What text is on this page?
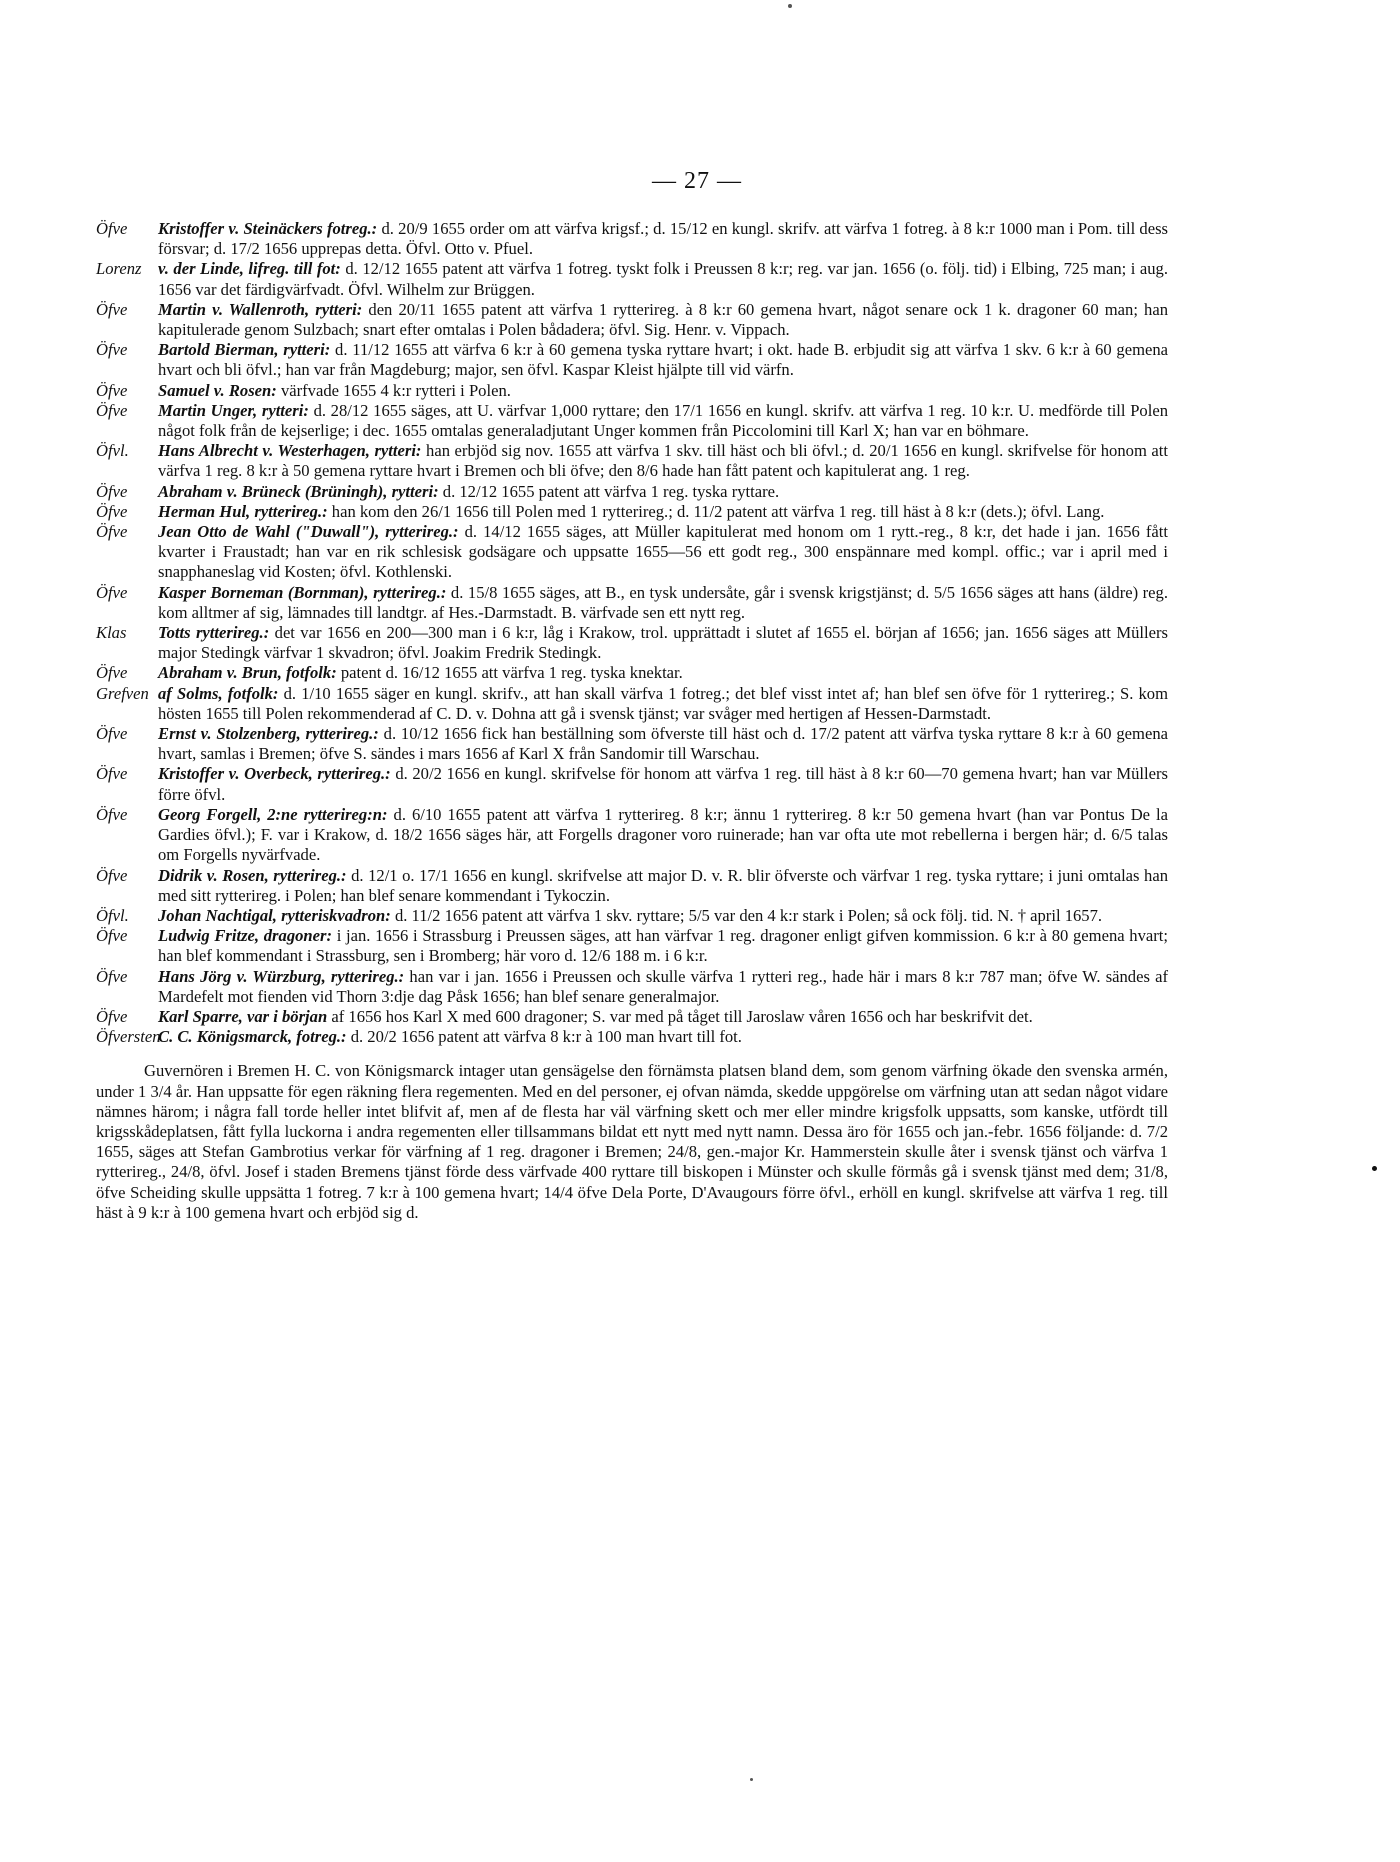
— 27 —

Öfve Kristoffer v. Steinäckers fotreg.: d. 20/9 1655 order om att värfva krigsf.; d. 15/12 en kungl. skrifv. att värfva 1 fotreg. à 8 k:r 1000 man i Pom. till dess försvar; d. 17/2 1656 upprepas detta. Öfvl. Otto v. Pfuel.

Lorenz v. der Linde, lifreg. till fot: d. 12/12 1655 patent att värfva 1 fotreg. tyskt folk i Preussen 8 k:r; reg. var jan. 1656 (o. följ. tid) i Elbing, 725 man; i aug. 1656 var det färdigvärfvadt. Öfvl. Wilhelm zur Brüggen.

Öfve Martin v. Wallenroth, rytteri: den 20/11 1655 patent att värfva 1 rytterireg. à 8 k:r 60 gemena hvart, något senare ock 1 k. dragoner 60 man; han kapitulerade genom Sulzbach; snart efter omtalas i Polen bådadera; öfvl. Sig. Henr. v. Vippach.

Öfve Bartold Bierman, rytteri: d. 11/12 1655 att värfva 6 k:r à 60 gemena tyska ryttare hvart; i okt. hade B. erbjudit sig att värfva 1 skv. 6 k:r à 60 gemena hvart och bli öfvl.; han var från Magdeburg; major, sen öfvl. Kaspar Kleist hjälpte till vid värfn.

Öfve Samuel v. Rosen: värfvade 1655 4 k:r rytteri i Polen.

Öfve Martin Unger, rytteri: d. 28/12 1655 säges, att U. värfvar 1,000 ryttare; den 17/1 1656 en kungl. skrifv. att värfva 1 reg. 10 k:r. U. medförde till Polen något folk från de kejserlige; i dec. 1655 omtalas generaladjutant Unger kommen från Piccolomini till Karl X; han var en böhmare.

Öfvl. Hans Albrecht v. Westerhagen, rytteri: han erbjöd sig nov. 1655 att värfva 1 skv. till häst och bli öfvl.; d. 20/1 1656 en kungl. skrifvelse för honom att värfva 1 reg. 8 k:r à 50 gemena ryttare hvart i Bremen och bli öfve; den 8/6 hade han fått patent och kapitulerat ang. 1 reg.

Öfve Abraham v. Brüneck (Brüningh), rytteri: d. 12/12 1655 patent att värfva 1 reg. tyska ryttare.

Öfve Herman Hul, rytterireg.: han kom den 26/1 1656 till Polen med 1 rytterireg.; d. 11/2 patent att värfva 1 reg. till häst à 8 k:r (dets.); öfvl. Lang.

Öfve Jean Otto de Wahl ("Duwall"), rytterireg.: d. 14/12 1655 säges, att Müller kapitulerat med honom om 1 rytt.-reg., 8 k:r, det hade i jan. 1656 fått kvarter i Fraustadt; han var en rik schlesisk godsägare och uppsatte 1655—56 ett godt reg., 300 enspännare med kompl. offic.; var i april med i snapphaneslag vid Kosten; öfvl. Kothlenski.

Öfve Kasper Borneman (Bornman), rytterireg.: d. 15/8 1655 säges, att B., en tysk undersåte, går i svensk krigstjänst; d. 5/5 1656 säges att hans (äldre) reg. kom alltmer af sig, lämnades till landtgr. af Hes.-Darmstadt. B. värfvade sen ett nytt reg.

Klas Totts rytterireg.: det var 1656 en 200—300 man i 6 k:r, låg i Krakow, trol. upprättadt i slutet af 1655 el. början af 1656; jan. 1656 säges att Müllers major Stedingk värfvar 1 skvadron; öfvl. Joakim Fredrik Stedingk.

Öfve Abraham v. Brun, fotfolk: patent d. 16/12 1655 att värfva 1 reg. tyska knektar.

Grefven af Solms, fotfolk: d. 1/10 1655 säger en kungl. skrifv., att han skall värfva 1 fotreg.; det blef visst intet af; han blef sen öfve för 1 rytterireg.; S. kom hösten 1655 till Polen rekommenderad af C. D. v. Dohna att gå i svensk tjänst; var svåger med hertigen af Hessen-Darmstadt.

Öfve Ernst v. Stolzenberg, rytterireg.: d. 10/12 1656 fick han beställning som öfverste till häst och d. 17/2 patent att värfva tyska ryttare 8 k:r à 60 gemena hvart, samlas i Bremen; öfve S. sändes i mars 1656 af Karl X från Sandomir till Warschau.

Öfve Kristoffer v. Overbeck, rytterireg.: d. 20/2 1656 en kungl. skrifvelse för honom att värfva 1 reg. till häst à 8 k:r 60—70 gemena hvart; han var Müllers förre öfvl.

Öfve Georg Forgell, 2:ne rytterireg:n: d. 6/10 1655 patent att värfva 1 rytterireg. 8 k:r; ännu 1 rytterireg. 8 k:r 50 gemena hvart (han var Pontus De la Gardies öfvl.); F. var i Krakow, d. 18/2 1656 säges här, att Forgells dragoner voro ruinerade; han var ofta ute mot rebellerna i bergen här; d. 6/5 talas om Forgells nyvärfvade.

Öfve Didrik v. Rosen, rytterireg.: d. 12/1 o. 17/1 1656 en kungl. skrifvelse att major D. v. R. blir öfverste och värfvar 1 reg. tyska ryttare; i juni omtalas han med sitt rytterireg. i Polen; han blef senare kommendant i Tykoczin.

Öfvl. Johan Nachtigal, rytteriskvadron: d. 11/2 1656 patent att värfva 1 skv. ryttare; 5/5 var den 4 k:r stark i Polen; så ock följ. tid. N. † april 1657.

Öfve Ludwig Fritze, dragoner: i jan. 1656 i Strassburg i Preussen säges, att han värfvar 1 reg. dragoner enligt gifven kommission. 6 k:r à 80 gemena hvart; han blef kommendant i Strassburg, sen i Bromberg; här voro d. 12/6 188 m. i 6 k:r.

Öfve Hans Jörg v. Würzburg, rytterireg.: han var i jan. 1656 i Preussen och skulle värfva 1 rytteri reg., hade här i mars 8 k:r 787 man; öfve W. sändes af Mardefelt mot fienden vid Thorn 3:dje dag Påsk 1656; han blef senare generalmajor.

Öfve Karl Sparre, var i början af 1656 hos Karl X med 600 dragoner; S. var med på tåget till Jaroslaw våren 1656 och har beskrifvit det.

Öfversten
C. C. Königsmarck, fotreg.: d. 20/2 1656 patent att värfva 8 k:r à 100 man hvart till fot.

Guvernören i Bremen H. C. von Königsmarck intager utan gensägelse den förnämsta platsen bland dem, som genom värfning ökade den svenska armén, under 1 3/4 år. Han uppsatte för egen räkning flera regementen. Med en del personer, ej ofvan nämda, skedde uppgörelse om värfning utan att sedan något vidare nämnes härom; i några fall torde heller intet blifvit af, men af de flesta har väl värfning skett och mer eller mindre krigsfolk uppsatts, som kanske, utfördt till krigsskådeplatsen, fått fylla luckorna i andra regementen eller tillsammans bildat ett nytt med nytt namn. Dessa äro för 1655 och jan.-febr. 1656 följande: d. 7/2 1655, säges att Stefan Gambrotius verkar för värfning af 1 reg. dragoner i Bremen; 24/8, gen.-major Kr. Hammerstein skulle åter i svensk tjänst och värfva 1 rytterireg., 24/8, öfvl. Josef i staden Bremens tjänst förde dess värfvade 400 ryttare till biskopen i Münster och skulle förmås gå i svensk tjänst med dem; 31/8, öfve Scheiding skulle uppsätta 1 fotreg. 7 k:r à 100 gemena hvart; 14/4 öfve Dela Porte, D'Avaugours förre öfvl., erhöll en kungl. skrifvelse att värfva 1 reg. till häst à 9 k:r à 100 gemena hvart och erbjöd sig d.
